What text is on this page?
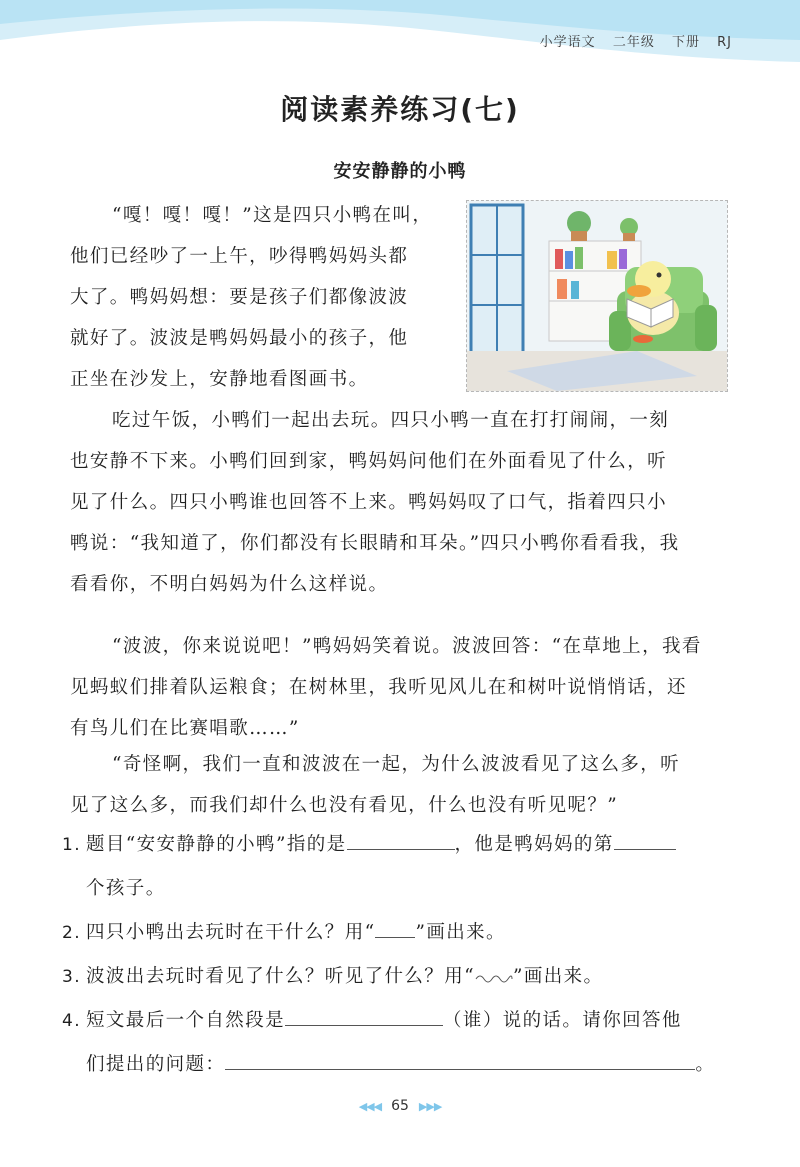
小学语文 二年级 下册 RJ
阅读素养练习(七)
安安静静的小鸭
“嘎！嘎！嘎！”这是四只小鸭在叫，
他们已经吵了一上午，吵得鸭妈妈头都
大了。鸭妈妈想：要是孩子们都像波波
就好了。波波是鸭妈妈最小的孩子，他
正坐在沙发上，安静地看图画书。
吃过午饭，小鸭们一起出去玩。四只小鸭一直在打打闹闹，一刻
也安静不下来。小鸭们回到家，鸭妈妈问他们在外面看见了什么，听
见了什么。四只小鸭谁也回答不上来。鸭妈妈叹了口气，指着四只小
鸭说：“我知道了，你们都没有长眼睛和耳朵。”四只小鸭你看看我，我
看看你，不明白妈妈为什么这样说。
“波波，你来说说吧！”鸭妈妈笑着说。波波回答：“在草地上，我看
见蚂蚁们排着队运粮食；在树林里，我听见风儿在和树叶说悄悄话，还
有鸟儿们在比赛唱歌……”
“奇怪啊，我们一直和波波在一起，为什么波波看见了这么多，听
见了这么多，而我们却什么也没有看见，什么也没有听见呢？”
1. 题目“安安静静的小鸭”指的是	，他是鸭妈妈的第
个孩子。
2. 四只小鸭出去玩时在干什么？用“ ”画出来。
3. 波波出去玩时看见了什么？听见了什么？用“ ”画出来。
4. 短文最后一个自然段是	（谁）说的话。请你回答他
们提出的问题：	。
◀◀◀ 65 ▶▶▶
